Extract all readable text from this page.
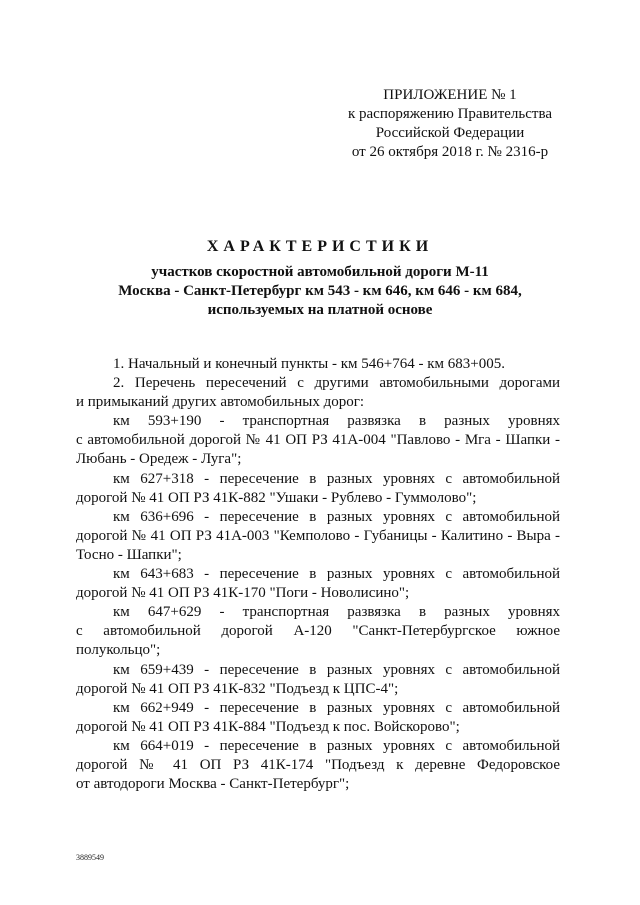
ПРИЛОЖЕНИЕ № 1
к распоряжению Правительства
Российской Федерации
от 26 октября 2018 г. № 2316-р
ХАРАКТЕРИСТИКИ
участков скоростной автомобильной дороги М-11
Москва - Санкт-Петербург км 543 - км 646, км 646 - км 684,
используемых на платной основе
1. Начальный и конечный пункты - км 546+764 - км 683+005.
2. Перечень пересечений с другими автомобильными дорогами
и примыканий других автомобильных дорог:
км 593+190 - транспортная развязка в разных уровнях
с автомобильной дорогой № 41 ОП РЗ 41А-004 "Павлово - Мга - Шапки -
Любань - Оредеж - Луга";
км 627+318 - пересечение в разных уровнях с автомобильной
дорогой № 41 ОП РЗ 41К-882 "Ушаки - Рублево - Гуммолово";
км 636+696 - пересечение в разных уровнях с автомобильной
дорогой № 41 ОП РЗ 41А-003 "Кемполово - Губаницы - Калитино - Выра -
Тосно - Шапки";
км 643+683 - пересечение в разных уровнях с автомобильной
дорогой № 41 ОП РЗ 41К-170 "Поги - Новолисино";
км 647+629 - транспортная развязка в разных уровнях
с автомобильной дорогой А-120 "Санкт-Петербургское южное
полукольцо";
км 659+439 - пересечение в разных уровнях с автомобильной
дорогой № 41 ОП РЗ 41К-832 "Подъезд к ЦПС-4";
км 662+949 - пересечение в разных уровнях с автомобильной
дорогой № 41 ОП РЗ 41К-884 "Подъезд к пос. Войскорово";
км 664+019 - пересечение в разных уровнях с автомобильной
дорогой № 41 ОП РЗ 41К-174 "Подъезд к деревне Федоровское
от автодороги Москва - Санкт-Петербург";
3889549
